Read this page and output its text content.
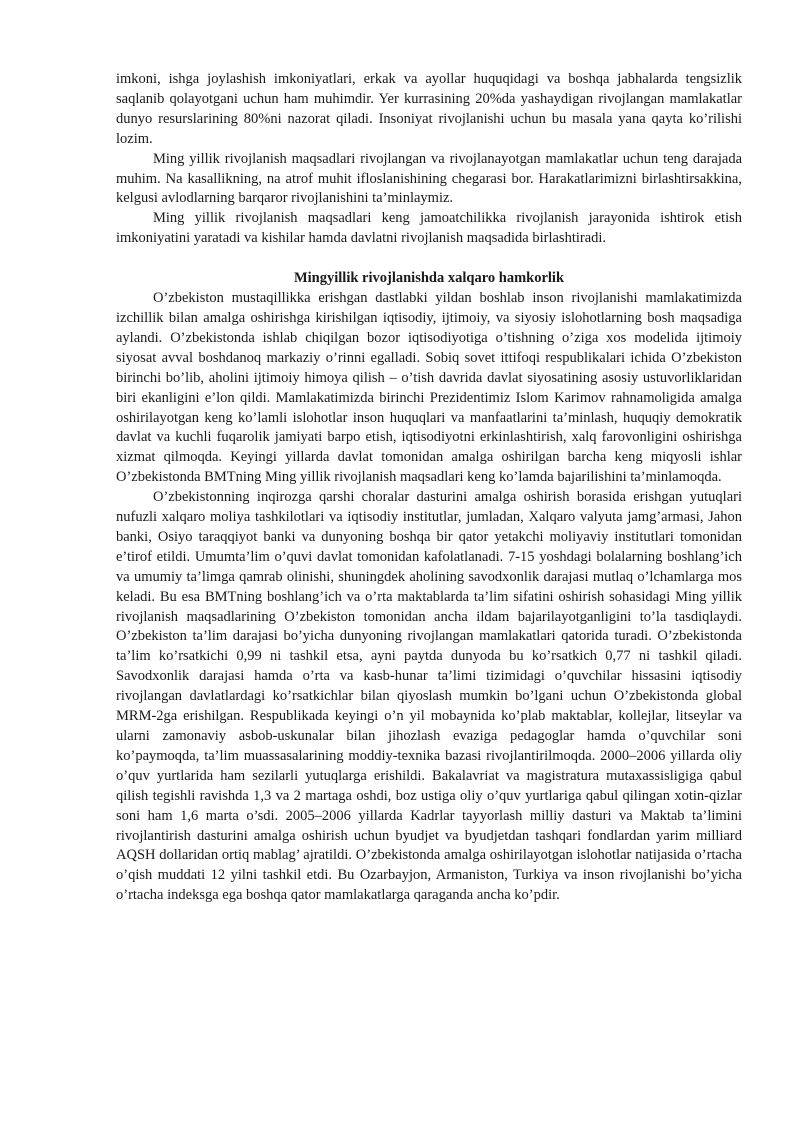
imkoni, ishga joylashish imkoniyatlari, erkak va ayollar huquqidagi va boshqa jabhalarda tengsizlik saqlanib qolayotgani uchun ham muhimdir. Yer kurrasining 20%da yashaydigan rivojlangan mamlakatlar dunyo resurslarining 80%ni nazorat qiladi. Insoniyat rivojlanishi uchun bu masala yana qayta ko’rilishi lozim.

Ming yillik rivojlanish maqsadlari rivojlangan va rivojlanayotgan mamlakatlar uchun teng darajada muhim. Na kasallikning, na atrof muhit ifloslanishining chegarasi bor. Harakatlarimizni birlashtirsakkina, kelgusi avlodlarning barqaror rivojlanishini ta’minlaymiz.

Ming yillik rivojlanish maqsadlari keng jamoatchilikka rivojlanish jarayonida ishtirok etish imkoniyatini yaratadi va kishilar hamda davlatni rivojlanish maqsadida birlashtiradi.

Mingyillik rivojlanishda xalqaro hamkorlik

O’zbekiston mustaqillikka erishgan dastlabki yildan boshlab inson rivojlanishi mamlakatimizda izchillik bilan amalga oshirishga kirishilgan iqtisodiy, ijtimoiy, va siyosiy islohotlarning bosh maqsadiga aylandi. O’zbekistonda ishlab chiqilgan bozor iqtisodiyotiga o’tishning o’ziga xos modelida ijtimoiy siyosat avval boshdanoq markaziy o’rinni egalladi. Sobiq sovet ittifoqi respublikalari ichida O’zbekiston birinchi bo’lib, aholini ijtimoiy himoya qilish – o’tish davrida davlat siyosatining asosiy ustuvorliklaridan biri ekanligini e’lon qildi. Mamlakatimizda birinchi Prezidentimiz Islom Karimov rahnamoligida amalga oshirilayotgan keng ko’lamli islohotlar inson huquqlari va manfaatlarini ta’minlash, huquqiy demokratik davlat va kuchli fuqarolik jamiyati barpo etish, iqtisodiyotni erkinlashtirish, xalq farovonligini oshirishga xizmat qilmoqda. Keyingi yillarda davlat tomonidan amalga oshirilgan barcha keng miqyosli ishlar O’zbekistonda BMTning Ming yillik rivojlanish maqsadlari keng ko’lamda bajarilishini ta’minlamoqda.

O’zbekistonning inqirozga qarshi choralar dasturini amalga oshirish borasida erishgan yutuqlari nufuzli xalqaro moliya tashkilotlari va iqtisodiy institutlar, jumladan, Xalqaro valyuta jamg’armasi, Jahon banki, Osiyo taraqqiyot banki va dunyoning boshqa bir qator yetakchi moliyaviy institutlari tomonidan e’tirof etildi. Umumta’lim o’quvi davlat tomonidan kafolatlanadi. 7-15 yoshdagi bolalarning boshlang’ich va umumiy ta’limga qamrab olinishi, shuningdek aholining savodxonlik darajasi mutlaq o’lchamlarga mos keladi. Bu esa BMTning boshlang’ich va o’rta maktablarda ta’lim sifatini oshirish sohasidagi Ming yillik rivojlanish maqsadlarining O’zbekiston tomonidan ancha ildam bajarilayotganligini to’la tasdiqlaydi. O’zbekiston ta’lim darajasi bo’yicha dunyoning rivojlangan mamlakatlari qatorida turadi. O’zbekistonda ta’lim ko’rsatkichi 0,99 ni tashkil etsa, ayni paytda dunyoda bu ko’rsatkich 0,77 ni tashkil qiladi. Savodxonlik darajasi hamda o’rta va kasb-hunar ta’limi tizimidagi o’quvchilar hissasini iqtisodiy rivojlangan davlatlardagi ko’rsatkichlar bilan qiyoslash mumkin bo’lgani uchun O’zbekistonda global MRM-2ga erishilgan. Respublikada keyingi o’n yil mobaynida ko’plab maktablar, kollejlar, litseylar va ularni zamonaviy asbob-uskunalar bilan jihozlash evaziga pedagoglar hamda o’quvchilar soni ko’paymoqda, ta’lim muassasalarining moddiy-texnika bazasi rivojlantirilmoqda. 2000–2006 yillarda oliy o’quv yurtlarida ham sezilarli yutuqlarga erishildi. Bakalavriat va magistratura mutaxassisligiga qabul qilish tegishli ravishda 1,3 va 2 martaga oshdi, boz ustiga oliy o’quv yurtlariga qabul qilingan xotin-qizlar soni ham 1,6 marta o’sdi. 2005–2006 yillarda Kadrlar tayyorlash milliy dasturi va Maktab ta’limini rivojlantirish dasturini amalga oshirish uchun byudjet va byudjetdan tashqari fondlardan yarim milliard AQSH dollaridan ortiq mablag’ ajratildi. O’zbekistonda amalga oshirilayotgan islohotlar natijasida o’rtacha o’qish muddati 12 yilni tashkil etdi. Bu Ozarbayjon, Armaniston, Turkiya va inson rivojlanishi bo’yicha o’rtacha indeksga ega boshqa qator mamlakatlarga qaraganda ancha ko’pdir.
